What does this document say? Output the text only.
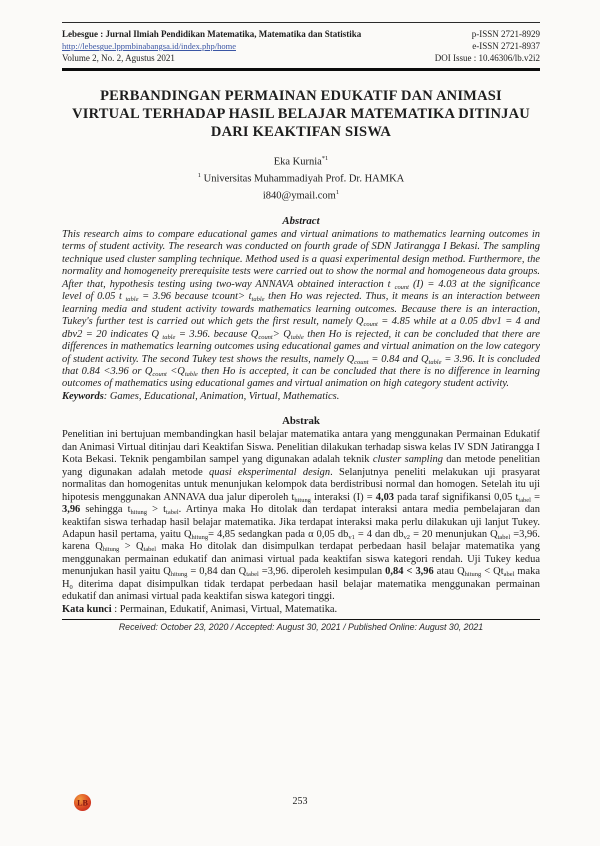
Lebesgue : Jurnal Ilmiah Pendidikan Matematika, Matematika dan Statistika
http://lebesgue.lppmbinabangsa.id/index.php/home
Volume 2, No. 2, Agustus 2021
p-ISSN 2721-8929
e-ISSN 2721-8937
DOI Issue : 10.46306/lb.v2i2
PERBANDINGAN PERMAINAN EDUKATIF DAN ANIMASI VIRTUAL TERHADAP HASIL BELAJAR MATEMATIKA DITINJAU DARI KEAKTIFAN SISWA
Eka Kurnia$^{*1}$
$^1$ Universitas Muhammadiyah Prof. Dr. HAMKA
i840@ymail.com$^1$
Abstract
This research aims to compare educational games and virtual animations to mathematics learning outcomes in terms of student activity. The research was conducted on fourth grade of SDN Jatirangga I Bekasi. The sampling technique used cluster sampling technique. Method used is a quasi experimental design method. Furthermore, the normality and homogeneity prerequisite tests were carried out to show the normal and homogeneous data groups. After that, hypothesis testing using two-way ANNAVA obtained interaction t $_{count}$ (I) = 4.03 at the significance level of 0.05 t $_{table}$ = 3.96 because tcount> $t_{table}$ then Ho was rejected. Thus, it means is an interaction between learning media and student activity towards mathematics learning outcomes. Because there is an interaction, Tukey's further test is carried out which gets the first result, namely $Q_{count} = 4.85$ while at a 0.05 dbv1 = 4 and dbv2 = 20 indicates Q $_{table}$ = 3.96. because $Q_{count}> Q_{table}$ then Ho is rejected, it can be concluded that there are differences in mathematics learning outcomes using educational games and virtual animation on the low category of student activity. The second Tukey test shows the results, namely $Q_{count} = 0.84$ and $Q_{table} = 3.96$. It is concluded that 0.84 <3.96 or $Q_{count} <Q_{table}$ then Ho is accepted, it can be concluded that there is no difference in learning outcomes of mathematics using educational games and virtual animation on high category student activity.
Keywords: Games, Educational, Animation, Virtual, Mathematics.
Abstrak
Penelitian ini bertujuan membandingkan hasil belajar matematika antara yang menggunakan Permainan Edukatif dan Animasi Virtual ditinjau dari Keaktifan Siswa. Penelitian dilakukan terhadap siswa kelas IV SDN Jatirangga I Kota Bekasi. Teknik pengambilan sampel yang digunakan adalah teknik cluster sampling dan metode penelitian yang digunakan adalah metode quasi eksperimental design. Selanjutnya peneliti melakukan uji prasyarat normalitas dan homogenitas untuk menunjukan kelompok data berdistribusi normal dan homogen. Setelah itu uji hipotesis menggunakan ANNAVA dua jalur diperoleh $t_{hitung}$ interaksi (I) = 4,03 pada taraf signifikansi 0,05 $t_{tabel} = 3,96$ sehingga $t_{hitung} > t_{tabel}$. Artinya maka Ho ditolak dan terdapat interaksi antara media pembelajaran dan keaktifan siswa terhadap hasil belajar matematika. Jika terdapat interaksi maka perlu dilakukan uji lanjut Tukey. Adapun hasil pertama, yaitu $Q_{hitung}= 4,85$ sedangkan pada α 0,05 $db_{v1} = 4$ dan $db_{v2} = 20$ menunjukan $Q_{tabel} =3,96$. karena $Q_{hitung} > Q_{tabel}$ maka Ho ditolak dan disimpulkan terdapat perbedaan hasil belajar matematika yang menggunakan permainan edukatif dan animasi virtual pada keaktifan siswa kategori rendah. Uji Tukey kedua menunjukan hasil yaitu $Q_{hitung} = 0,84$ dan $Q_{tabel} =3,96$. diperoleh kesimpulan 0,84 < 3,96 atau $Q_{hitung} < Qt_{abel}$ maka $H_0$ diterima dapat disimpulkan tidak terdapat perbedaan hasil belajar matematika menggunakan permainan edukatif dan animasi virtual pada keaktifan siswa kategori tinggi.
Kata kunci : Permainan, Edukatif, Animasi, Virtual, Matematika.
Received: October 23, 2020 / Accepted: August 30, 2021 / Published Online: August 30, 2021
LB	253
